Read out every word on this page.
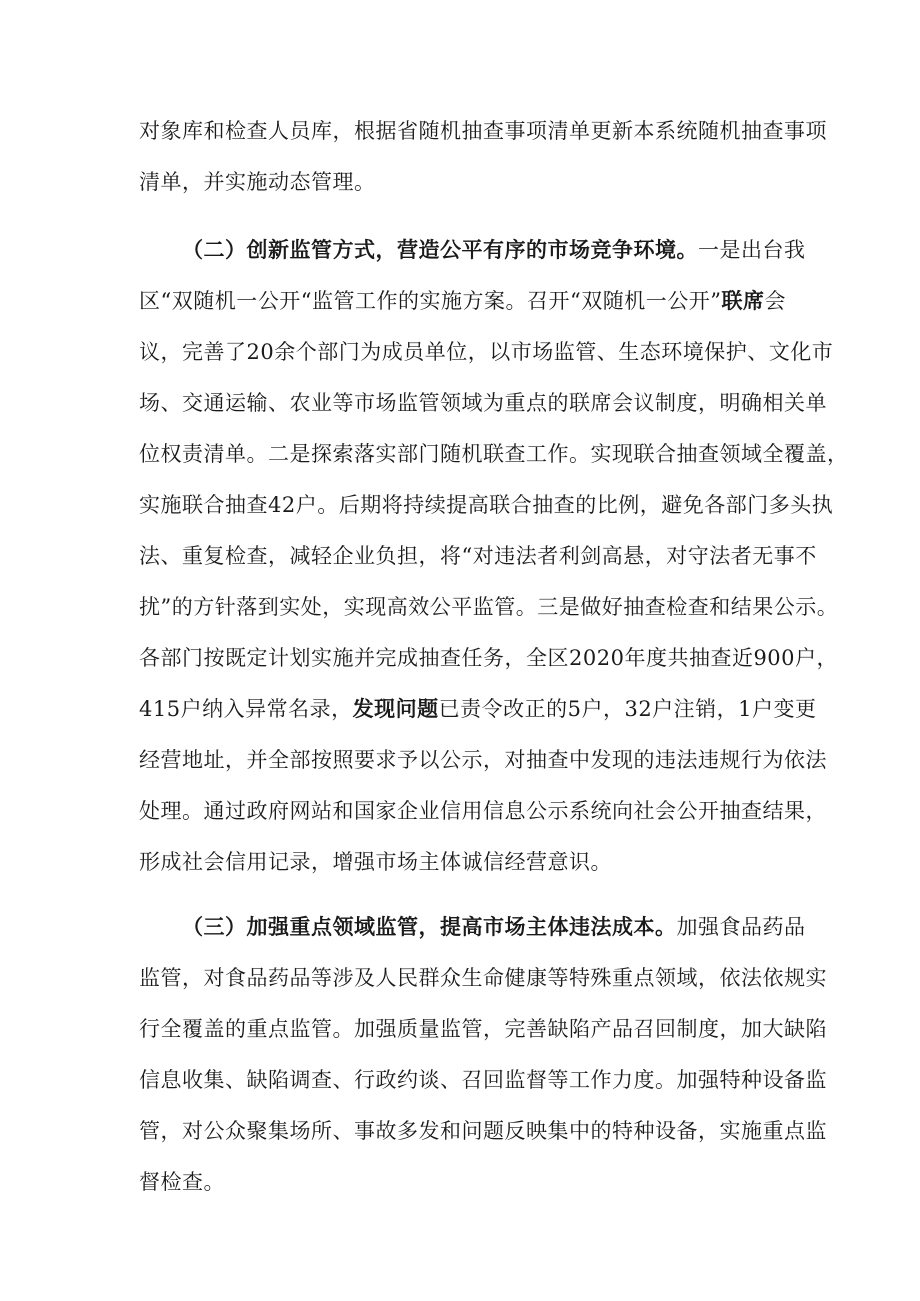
对象库和检查人员库，根据省随机抽查事项清单更新本系统随机抽查事项
清单，并实施动态管理。
（二）创新监管方式，营造公平有序的市场竞争环境。一是出台我
区“双随机一公开“监管工作的实施方案。召开“双随机一公开”联席会
议，完善了20余个部门为成员单位，以市场监管、生态环境保护、文化市
场、交通运输、农业等市场监管领域为重点的联席会议制度，明确相关单
位权责清单。二是探索落实部门随机联查工作。实现联合抽查领域全覆盖，
实施联合抽查42户。后期将持续提高联合抽查的比例，避免各部门多头执
法、重复检查，减轻企业负担，将“对违法者利剑高悬，对守法者无事不
扰”的方针落到实处，实现高效公平监管。三是做好抽查检查和结果公示。
各部门按既定计划实施并完成抽查任务，全区2020年度共抽查近900户，
415户纳入异常名录，发现问题已责令改正的5户，32户注销，1户变更
经营地址，并全部按照要求予以公示，对抽查中发现的违法违规行为依法
处理。通过政府网站和国家企业信用信息公示系统向社会公开抽查结果，
形成社会信用记录，增强市场主体诚信经营意识。
（三）加强重点领域监管，提高市场主体违法成本。加强食品药品
监管，对食品药品等涉及人民群众生命健康等特殊重点领域，依法依规实
行全覆盖的重点监管。加强质量监管，完善缺陷产品召回制度，加大缺陷
信息收集、缺陷调查、行政约谈、召回监督等工作力度。加强特种设备监
管，对公众聚集场所、事故多发和问题反映集中的特种设备，实施重点监
督检查。
